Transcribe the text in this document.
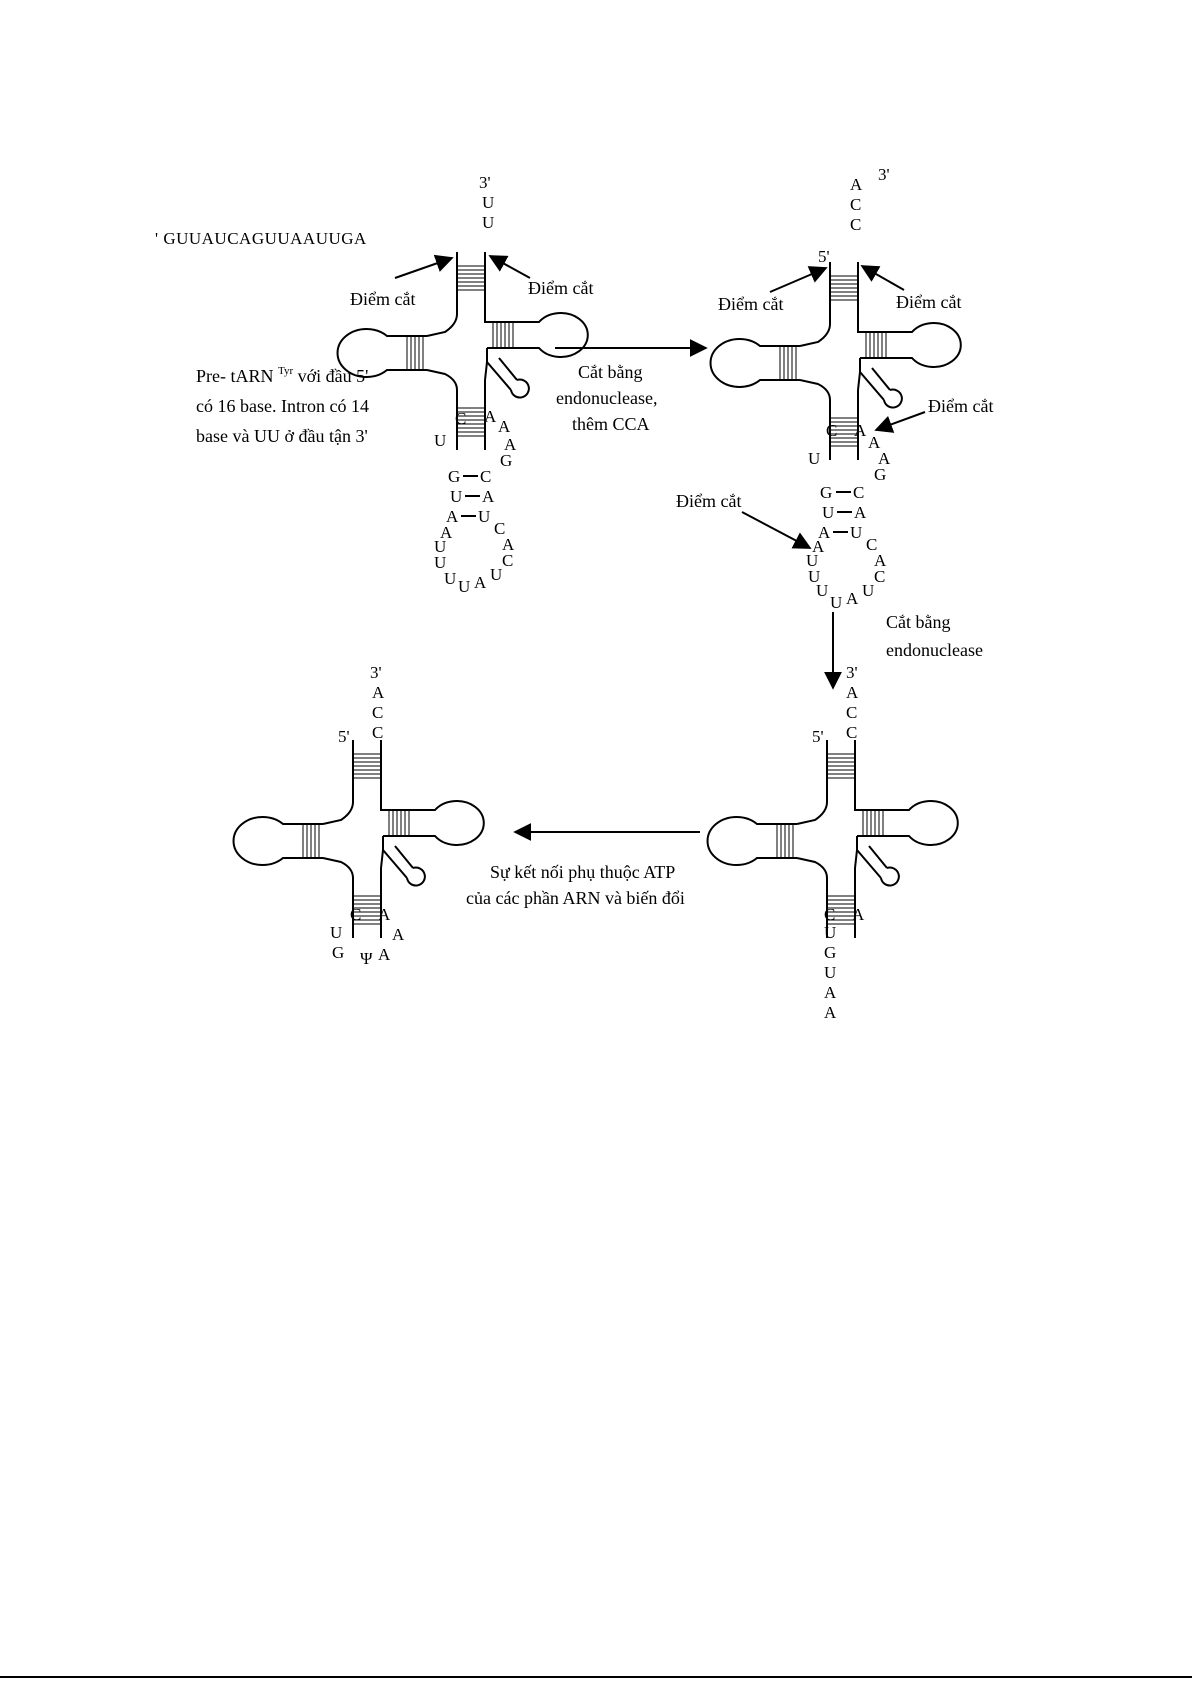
3'
U
U
' GUUAUCAGUUAAUUGA
Điểm cắt
Điểm cắt
Pre- tARN $^{Tyr}$ với đầu 5'
có 16 base. Intron có 14
base và UU ở đầu tận 3'
C A
A
U	A
G
G C
U A
A U
A C
U	A
U	C
U U
U A
Cắt bằng
endonuclease,
thêm CCA
A
3'
C
C
5'
Điểm cắt	Điểm cắt
Điểm cắt
Điểm cắt
C A
A
U	A
G
G C
U A
A U
A C
U	A
U	C
U U
U A
Cắt bằng
endonuclease
3'
A
C
C
5'
C A
U
G
U
A
A
Sự kết nối phụ thuộc ATP
của các phần ARN và biến đổi
3'
A
C
C
5'
C A
U	A
G Ψ A
